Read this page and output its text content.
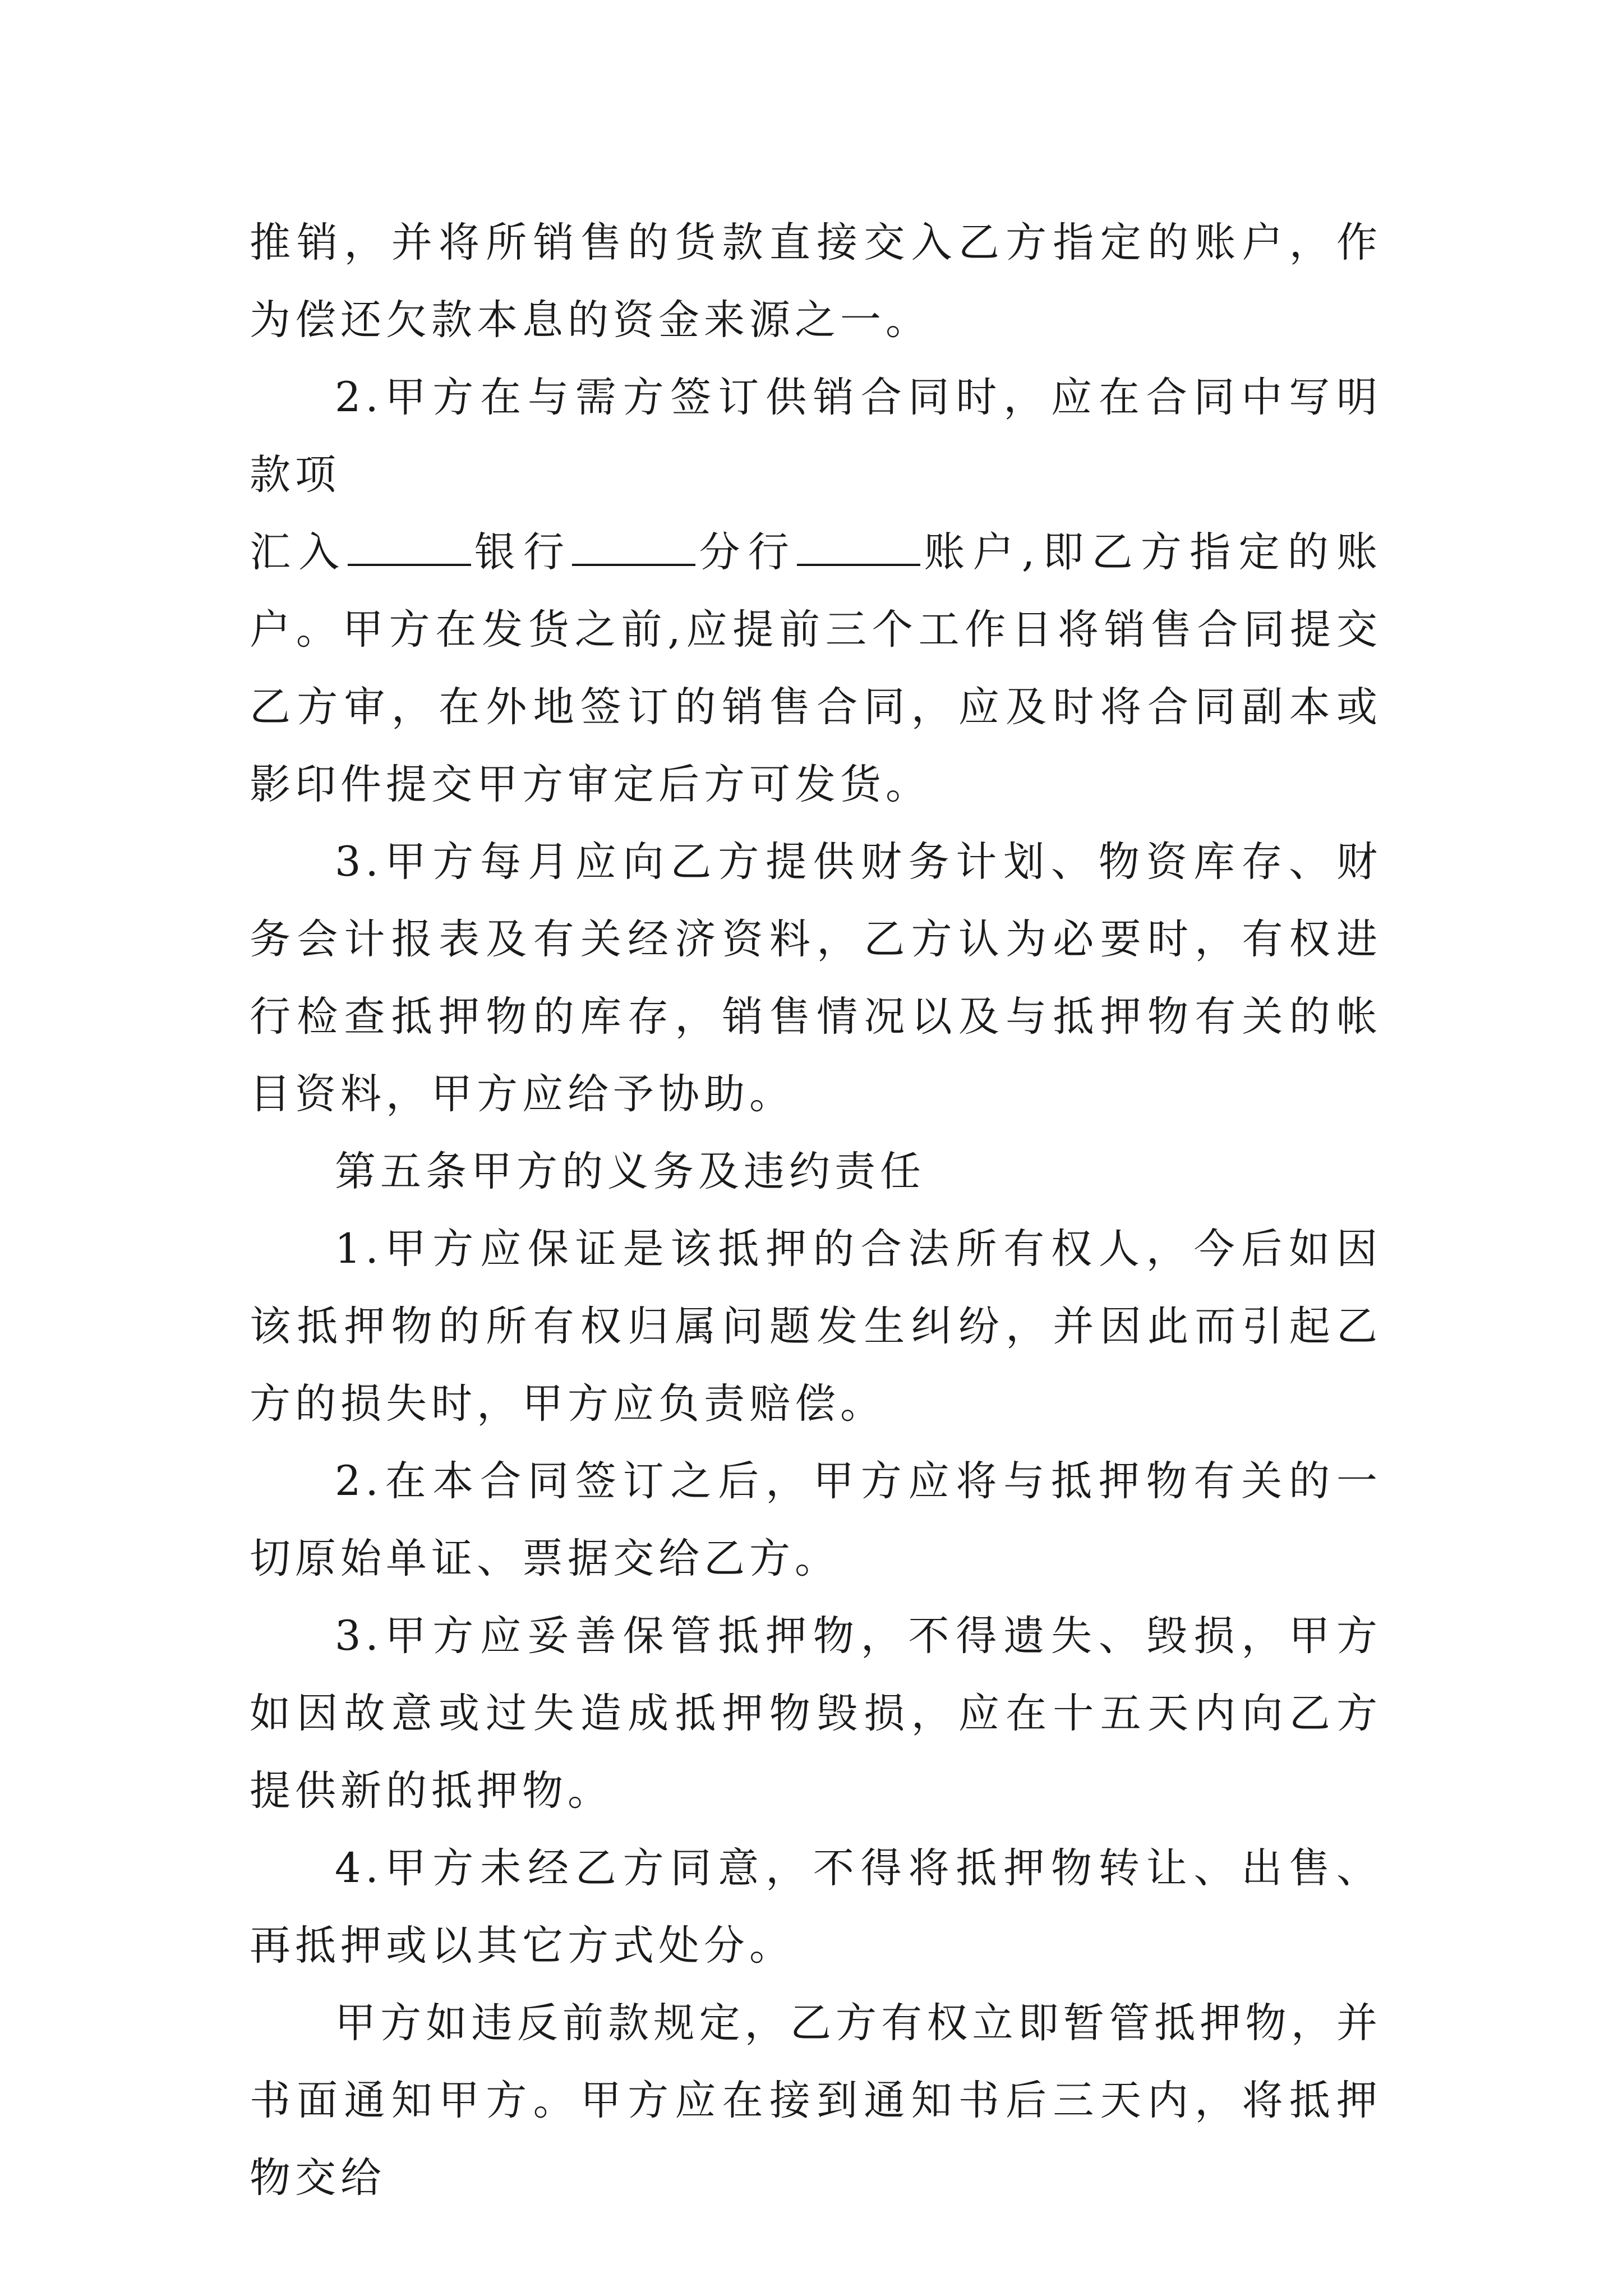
推销，并将所销售的货款直接交入乙方指定的账户，作为偿还欠款本息的资金来源之一。

2.甲方在与需方签订供销合同时，应在合同中写明款项

汇入	银行	分行	账户,即乙方指定的账户。甲方在发货之前,应提前三个工作日将销售合同提交乙方审，在外地签订的销售合同，应及时将合同副本或影印件提交甲方审定后方可发货。

3.甲方每月应向乙方提供财务计划、物资库存、财务会计报表及有关经济资料，乙方认为必要时，有权进行检查抵押物的库存，销售情况以及与抵押物有关的帐目资料，甲方应给予协助。

第五条甲方的义务及违约责任

1.甲方应保证是该抵押的合法所有权人，今后如因该抵押物的所有权归属问题发生纠纷，并因此而引起乙方的损失时，甲方应负责赔偿。

2.在本合同签订之后，甲方应将与抵押物有关的一切原始单证、票据交给乙方。

3.甲方应妥善保管抵押物，不得遗失、毁损，甲方如因故意或过失造成抵押物毁损，应在十五天内向乙方提供新的抵押物。

4.甲方未经乙方同意，不得将抵押物转让、出售、再抵押或以其它方式处分。

甲方如违反前款规定，乙方有权立即暂管抵押物，并书面通知甲方。甲方应在接到通知书后三天内，将抵押物交给
